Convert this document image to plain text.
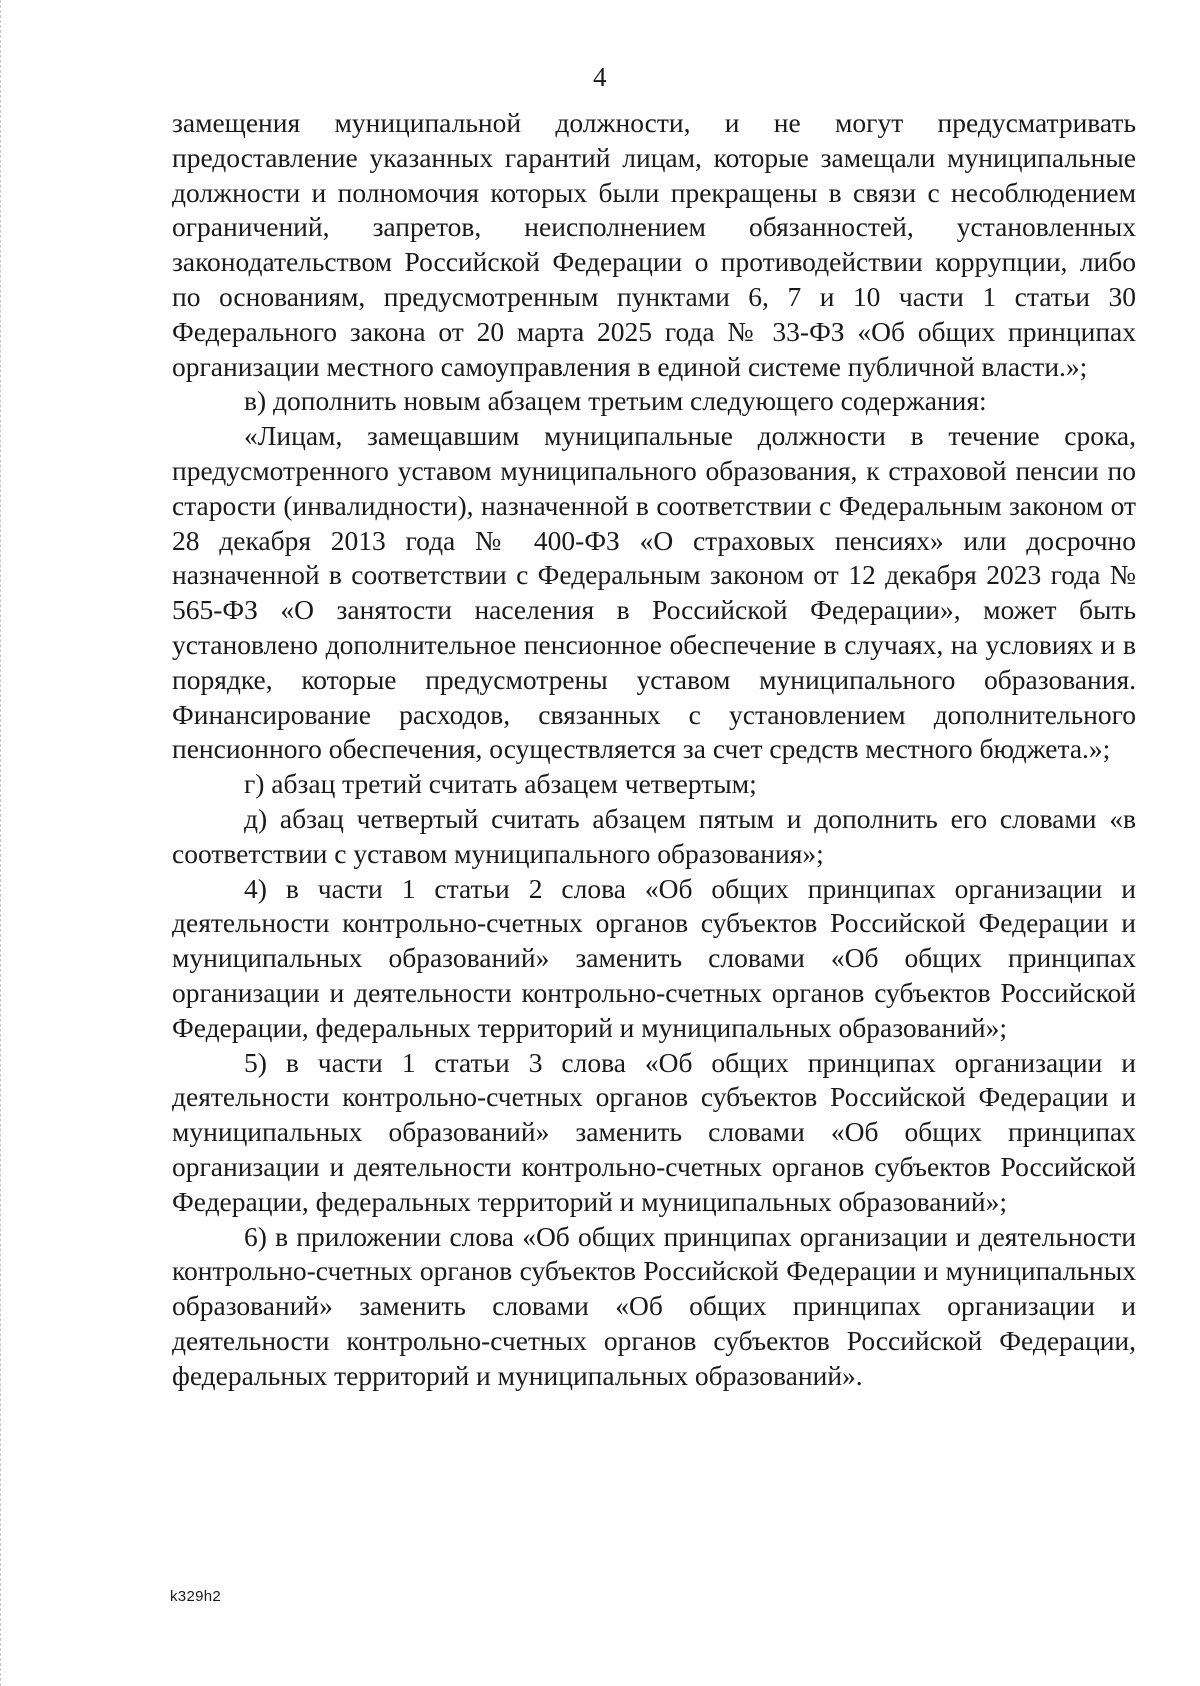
4

замещения муниципальной должности, и не могут предусматривать предоставление указанных гарантий лицам, которые замещали муниципальные должности и полномочия которых были прекращены в связи с несоблюдением ограничений, запретов, неисполнением обязанностей, установленных законодательством Российской Федерации о противодействии коррупции, либо по основаниям, предусмотренным пунктами 6, 7 и 10 части 1 статьи 30 Федерального закона от 20 марта 2025 года № 33-ФЗ «Об общих принципах организации местного самоуправления в единой системе публичной власти.»;

в) дополнить новым абзацем третьим следующего содержания:

«Лицам, замещавшим муниципальные должности в течение срока, предусмотренного уставом муниципального образования, к страховой пенсии по старости (инвалидности), назначенной в соответствии с Федеральным законом от 28 декабря 2013 года № 400-ФЗ «О страховых пенсиях» или досрочно назначенной в соответствии с Федеральным законом от 12 декабря 2023 года № 565-ФЗ «О занятости населения в Российской Федерации», может быть установлено дополнительное пенсионное обеспечение в случаях, на условиях и в порядке, которые предусмотрены уставом муниципального образования. Финансирование расходов, связанных с установлением дополнительного пенсионного обеспечения, осуществляется за счет средств местного бюджета.»;

г) абзац третий считать абзацем четвертым;

д) абзац четвертый считать абзацем пятым и дополнить его словами «в соответствии с уставом муниципального образования»;

4) в части 1 статьи 2 слова «Об общих принципах организации и деятельности контрольно-счетных органов субъектов Российской Федерации и муниципальных образований» заменить словами «Об общих принципах организации и деятельности контрольно-счетных органов субъектов Российской Федерации, федеральных территорий и муниципальных образований»;

5) в части 1 статьи 3 слова «Об общих принципах организации и деятельности контрольно-счетных органов субъектов Российской Федерации и муниципальных образований» заменить словами «Об общих принципах организации и деятельности контрольно-счетных органов субъектов Российской Федерации, федеральных территорий и муниципальных образований»;

6) в приложении слова «Об общих принципах организации и деятельности контрольно-счетных органов субъектов Российской Федерации и муниципальных образований» заменить словами «Об общих принципах организации и деятельности контрольно-счетных органов субъектов Российской Федерации, федеральных территорий и муниципальных образований».

k329h2
